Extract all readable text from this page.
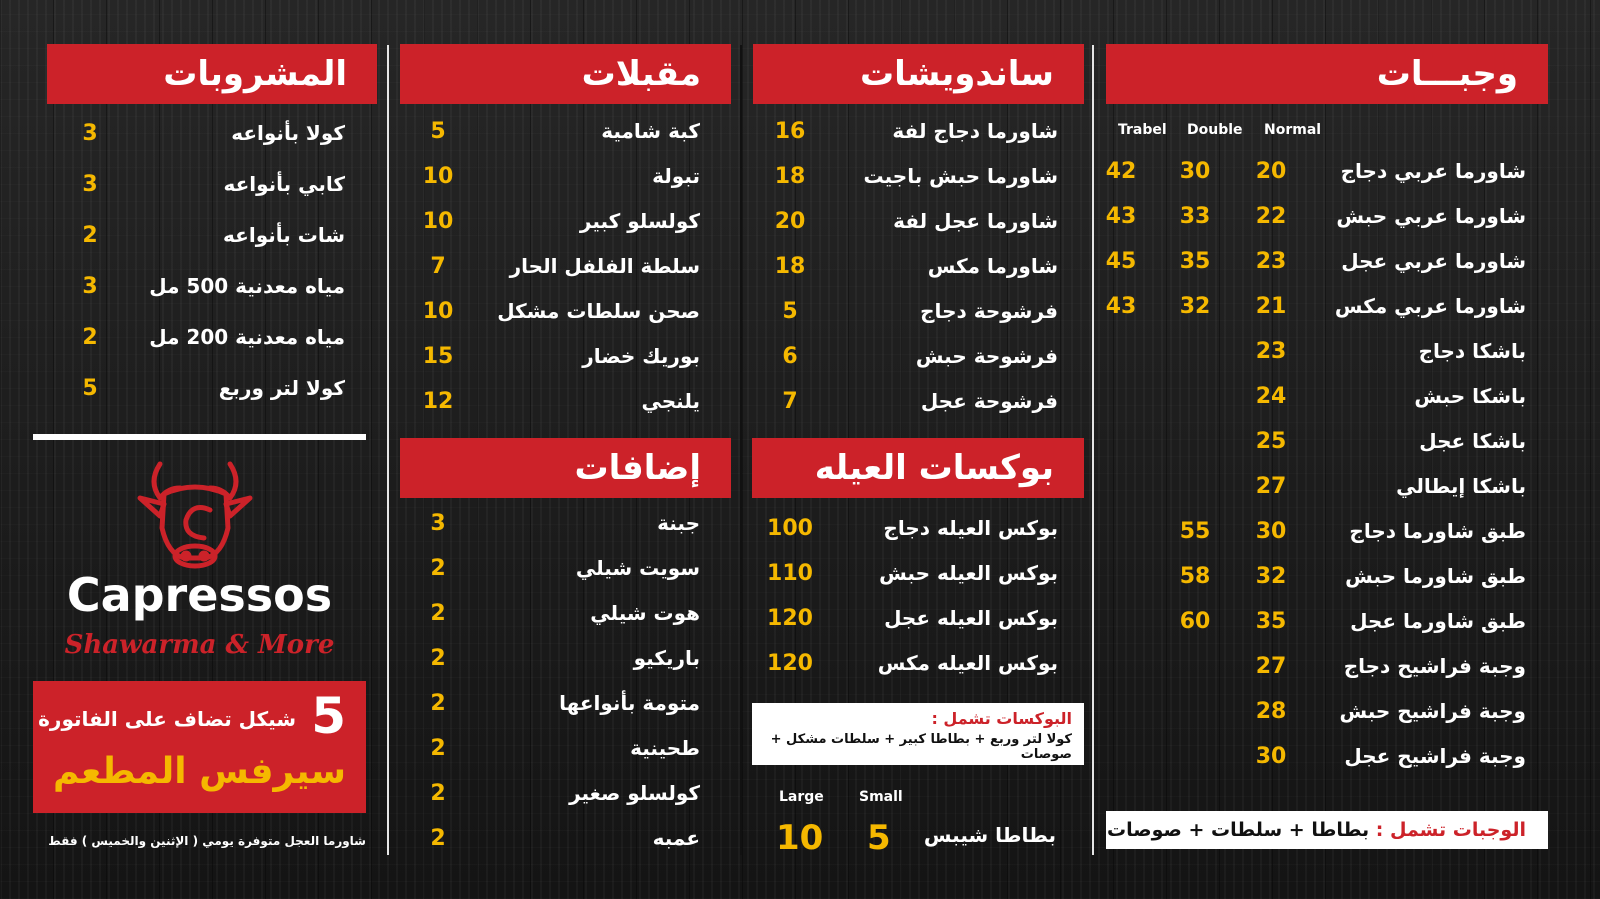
وجبـــات
Normal
Double
Trabel
شاورما عربي دجاج
20
30
42
شاورما عربي حبش
22
33
43
شاورما عربي عجل
23
35
45
شاورما عربي مكس
21
32
43
باشكا دجاج
23
باشكا حبش
24
باشكا عجل
25
باشكا إيطالي
27
طبق شاورما دجاج
30
55
طبق شاورما حبش
32
58
طبق شاورما عجل
35
60
وجبة فراشيح دجاج
27
وجبة فراشيح حبش
28
وجبة فراشيح عجل
30
الوجبات تشمل : بطاطا + سلطات + صوصات
ساندويشات
شاورما دجاج لفة
16
شاورما حبش باجيت
18
شاورما عجل لفة
20
شاورما مكس
18
فرشوحة دجاج
5
فرشوحة حبش
6
فرشوحة عجل
7
بوكسات العيله
بوكس العيله دجاج
100
بوكس العيله حبش
110
بوكس العيله عجل
120
بوكس العيله مكس
120
البوكسات تشمل :
كولا لتر وربع + بطاطا كبير + سلطات مشكل + صوصات
Large	Small
10 5 بطاطا شيبس
مقبلات
كبة شامية
5
تبولة
10
كولسلو كبير
10
سلطة الفلفل الحار
7
صحن سلطات مشكل
10
بوريك خضار
15
يلنجي
12
إضافات
جبنة
3
سويت شيلي
2
هوت شيلي
2
باريكيو
2
متومة بأنواعها
2
طحينية
2
كولسلو صغير
2
عمبه
2
المشروبات
كولا بأنواعه
3
كابي بأنواعه
3
شات بأنواعه
2
مياه معدنية 500 مل
3
مياه معدنية 200 مل
2
كولا لتر وربع
5
Capressos
Shawarma & More
5
شيكل تضاف على الفاتورة
سيرفس المطعم
شاورما العجل متوفرة يومي ( الإثنين والخميس ) فقط
